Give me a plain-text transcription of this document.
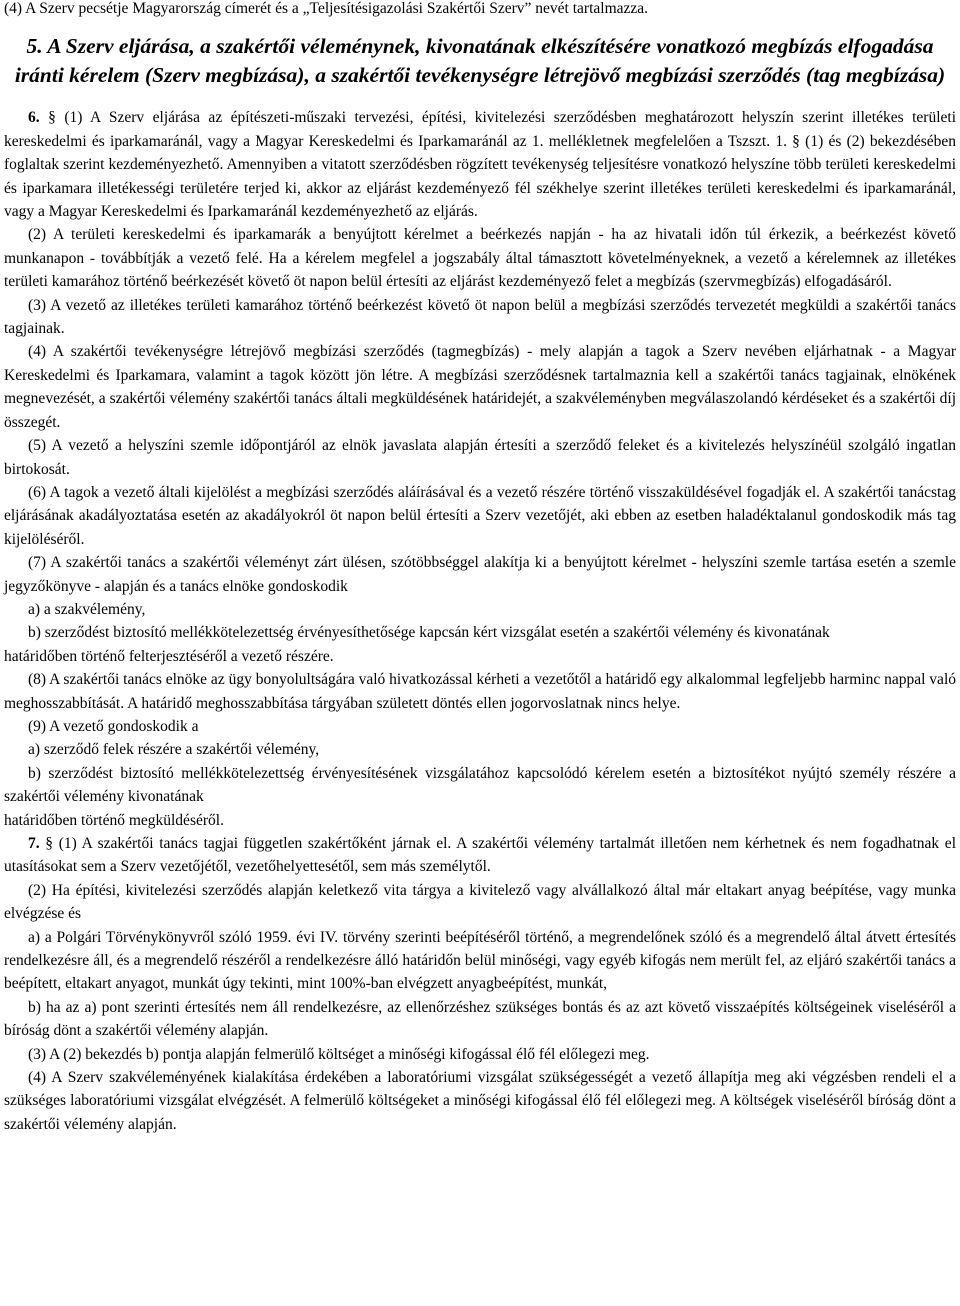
(4) A Szerv pecsétje Magyarország címerét és a „Teljesítésigazolási Szakértői Szerv” nevét tartalmazza.

5. A Szerv eljárása, a szakértői véleménynek, kivonatának elkészítésére vonatkozó megbízás elfogadása iránti kérelem (Szerv megbízása), a szakértői tevékenységre létrejövő megbízási szerződés (tag megbízása)

6. § (1) A Szerv eljárása az építészeti-műszaki tervezési, építési, kivitelezési szerződésben meghatározott helyszín szerint illetékes területi kereskedelmi és iparkamaránál, vagy a Magyar Kereskedelmi és Iparkamaránál az 1. mellékletnek megfelelően a Tszszt. 1. § (1) és (2) bekezdésében foglaltak szerint kezdeményezhető. Amennyiben a vitatott szerződésben rögzített tevékenység teljesítésre vonatkozó helyszíne több területi kereskedelmi és iparkamara illetékességi területére terjed ki, akkor az eljárást kezdeményező fél székhelye szerint illetékes területi kereskedelmi és iparkamaránál, vagy a Magyar Kereskedelmi és Iparkamaránál kezdeményezhető az eljárás.

(2) A területi kereskedelmi és iparkamarák a benyújtott kérelmet a beérkezés napján - ha az hivatali időn túl érkezik, a beérkezést követő munkanapon - továbbítják a vezető felé. Ha a kérelem megfelel a jogszabály által támasztott követelményeknek, a vezető a kérelemnek az illetékes területi kamarához történő beérkezését követő öt napon belül értesíti az eljárást kezdeményező felet a megbízás (szervmegbízás) elfogadásáról.

(3) A vezető az illetékes területi kamarához történő beérkezést követő öt napon belül a megbízási szerződés tervezetét megküldi a szakértői tanács tagjainak.

(4) A szakértői tevékenységre létrejövő megbízási szerződés (tagmegbízás) - mely alapján a tagok a Szerv nevében eljárhatnak - a Magyar Kereskedelmi és Iparkamara, valamint a tagok között jön létre. A megbízási szerződésnek tartalmaznia kell a szakértői tanács tagjainak, elnökének megnevezését, a szakértői vélemény szakértői tanács általi megküldésének határidejét, a szakvéleményben megválaszolandó kérdéseket és a szakértői díj összegét.

(5) A vezető a helyszíni szemle időpontjáról az elnök javaslata alapján értesíti a szerződő feleket és a kivitelezés helyszínéül szolgáló ingatlan birtokosát.

(6) A tagok a vezető általi kijelölést a megbízási szerződés aláírásával és a vezető részére történő visszaküldésével fogadják el. A szakértői tanácstag eljárásának akadályoztatása esetén az akadályokról öt napon belül értesíti a Szerv vezetőjét, aki ebben az esetben haladéktalanul gondoskodik más tag kijelöléséről.

(7) A szakértői tanács a szakértői véleményt zárt ülésen, szótöbbséggel alakítja ki a benyújtott kérelmet - helyszíni szemle tartása esetén a szemle jegyzőkönyve - alapján és a tanács elnöke gondoskodik

a) a szakvélemény,

b) szerződést biztosító mellékkötelezettség érvényesíthetősége kapcsán kért vizsgálat esetén a szakértői vélemény és kivonatának

határidőben történő felterjesztéséről a vezető részére.

(8) A szakértői tanács elnöke az ügy bonyolultságára való hivatkozással kérheti a vezetőtől a határidő egy alkalommal legfeljebb harminc nappal való meghosszabbítását. A határidő meghosszabbítása tárgyában született döntés ellen jogorvoslatnak nincs helye.

(9) A vezető gondoskodik a

a) szerződő felek részére a szakértői vélemény,

b) szerződést biztosító mellékkötelezettség érvényesítésének vizsgálatához kapcsolódó kérelem esetén a biztosítékot nyújtó személy részére a szakértői vélemény kivonatának

határidőben történő megküldéséről.

7. § (1) A szakértői tanács tagjai független szakértőként járnak el. A szakértői vélemény tartalmát illetően nem kérhetnek és nem fogadhatnak el utasításokat sem a Szerv vezetőjétől, vezetőhelyettesétől, sem más személytől.

(2) Ha építési, kivitelezési szerződés alapján keletkező vita tárgya a kivitelező vagy alvállalkozó által már eltakart anyag beépítése, vagy munka elvégzése és

a) a Polgári Törvénykönyvről szóló 1959. évi IV. törvény szerinti beépítéséről történő, a megrendelőnek szóló és a megrendelő által átvett értesítés rendelkezésre áll, és a megrendelő részéről a rendelkezésre álló határidőn belül minőségi, vagy egyéb kifogás nem merült fel, az eljáró szakértői tanács a beépített, eltakart anyagot, munkát úgy tekinti, mint 100%-ban elvégzett anyagbeépítést, munkát,

b) ha az a) pont szerinti értesítés nem áll rendelkezésre, az ellenőrzéshez szükséges bontás és az azt követő visszaépítés költségeinek viseléséről a bíróság dönt a szakértői vélemény alapján.

(3) A (2) bekezdés b) pontja alapján felmerülő költséget a minőségi kifogással élő fél előlegezi meg.

(4) A Szerv szakvéleményének kialakítása érdekében a laboratóriumi vizsgálat szükségességét a vezető állapítja meg aki végzésben rendeli el a szükséges laboratóriumi vizsgálat elvégzését. A felmerülő költségeket a minőségi kifogással élő fél előlegezi meg. A költségek viseléséről bíróság dönt a szakértői vélemény alapján.
